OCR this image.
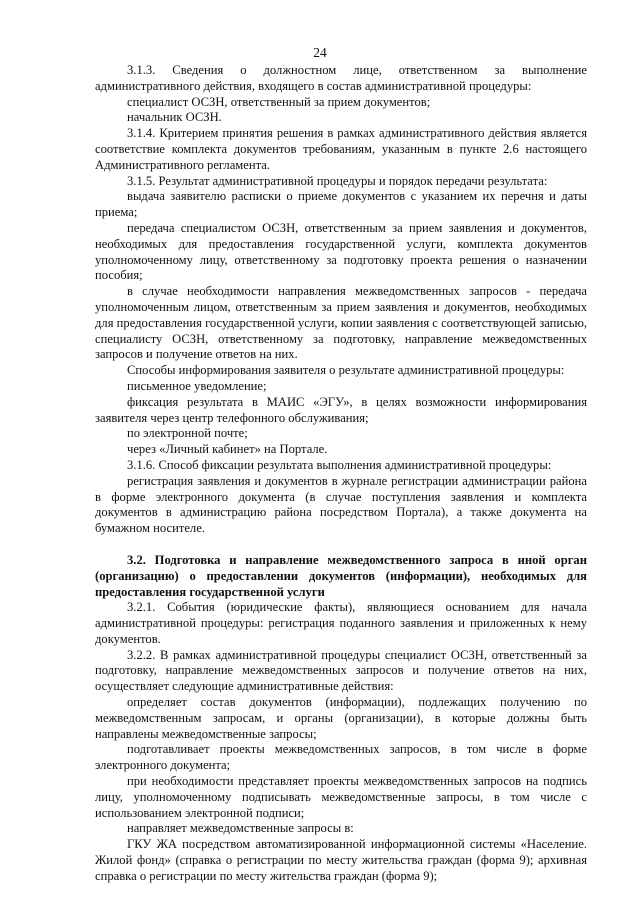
24

3.1.3. Сведения о должностном лице, ответственном за выполнение административного действия, входящего в состав административной процедуры:

специалист ОСЗН, ответственный за прием документов;

начальник ОСЗН.

3.1.4. Критерием принятия решения в рамках административного действия является соответствие комплекта документов требованиям, указанным в пункте 2.6 настоящего Административного регламента.

3.1.5. Результат административной процедуры и порядок передачи результата:

выдача заявителю расписки о приеме документов с указанием их перечня и даты приема;

передача специалистом ОСЗН, ответственным за прием заявления и документов, необходимых для предоставления государственной услуги, комплекта документов уполномоченному лицу, ответственному за подготовку проекта решения о назначении пособия;

в случае необходимости направления межведомственных запросов - передача уполномоченным лицом, ответственным за прием заявления и документов, необходимых для предоставления государственной услуги, копии заявления с соответствующей записью, специалисту ОСЗН, ответственному за подготовку, направление межведомственных запросов и получение ответов на них.

Способы информирования заявителя о результате административной процедуры:

письменное уведомление;

фиксация результата в МАИС «ЭГУ», в целях возможности информирования заявителя через центр телефонного обслуживания;

по электронной почте;

через «Личный кабинет» на Портале.

3.1.6. Способ фиксации результата выполнения административной процедуры:

регистрация заявления и документов в журнале регистрации администрации района в форме электронного документа (в случае поступления заявления и комплекта документов в администрацию района посредством Портала), а также документа на бумажном носителе.

3.2. Подготовка и направление межведомственного запроса в иной орган (организацию) о предоставлении документов (информации), необходимых для предоставления государственной услуги

3.2.1. События (юридические факты), являющиеся основанием для начала административной процедуры: регистрация поданного заявления и приложенных к нему документов.

3.2.2. В рамках административной процедуры специалист ОСЗН, ответственный за подготовку, направление межведомственных запросов и получение ответов на них, осуществляет следующие административные действия:

определяет состав документов (информации), подлежащих получению по межведомственным запросам, и органы (организации), в которые должны быть направлены межведомственные запросы;

подготавливает проекты межведомственных запросов, в том числе в форме электронного документа;

при необходимости представляет проекты межведомственных запросов на подпись лицу, уполномоченному подписывать межведомственные запросы, в том числе с использованием электронной подписи;

направляет межведомственные запросы в:

ГКУ ЖА посредством автоматизированной информационной системы «Население. Жилой фонд» (справка о регистрации по месту жительства граждан (форма 9); архивная справка о регистрации по месту жительства граждан (форма 9);
